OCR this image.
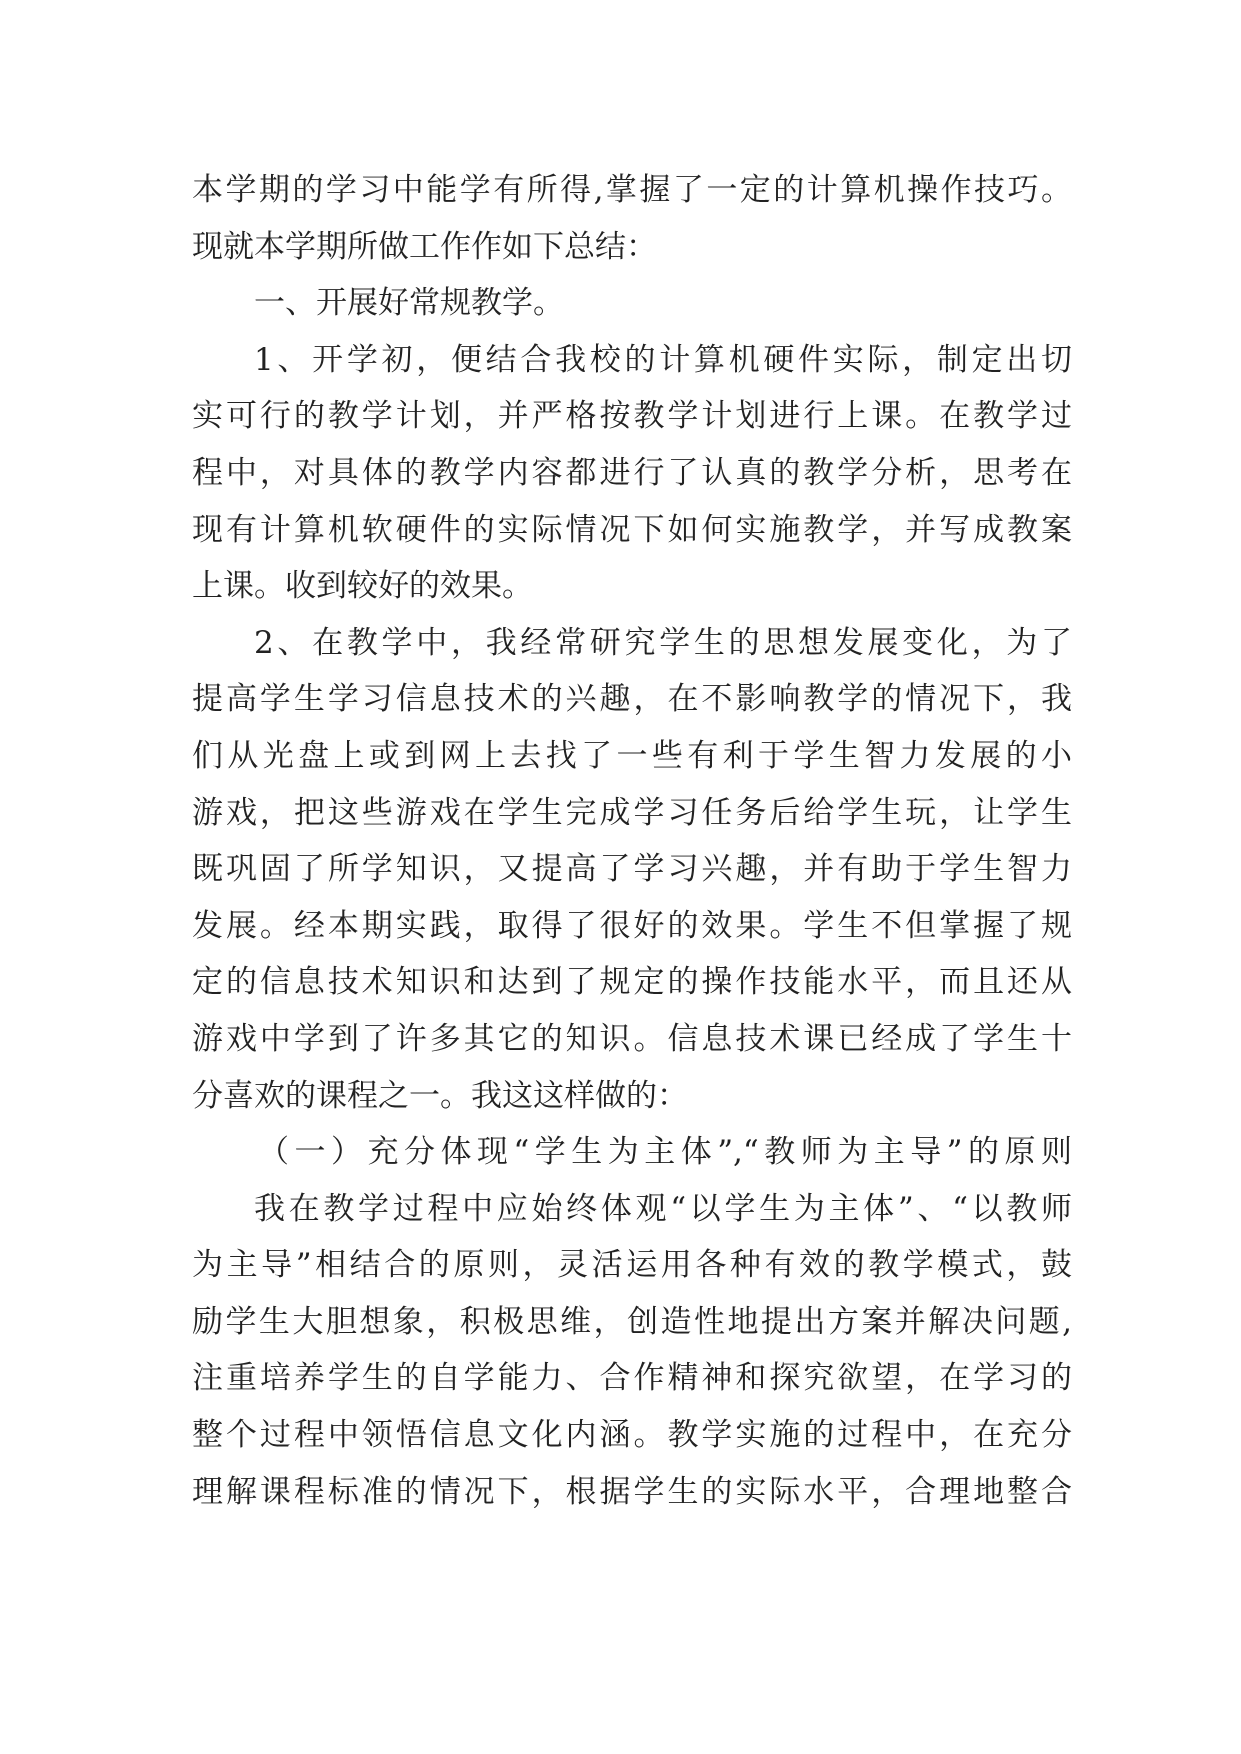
本学期的学习中能学有所得,掌握了一定的计算机操作技巧。
现就本学期所做工作作如下总结：
一、开展好常规教学。
1、开学初，便结合我校的计算机硬件实际，制定出切
实可行的教学计划，并严格按教学计划进行上课。在教学过
程中，对具体的教学内容都进行了认真的教学分析，思考在
现有计算机软硬件的实际情况下如何实施教学，并写成教案
上课。收到较好的效果。
2、在教学中，我经常研究学生的思想发展变化，为了
提高学生学习信息技术的兴趣，在不影响教学的情况下，我
们从光盘上或到网上去找了一些有利于学生智力发展的小
游戏，把这些游戏在学生完成学习任务后给学生玩，让学生
既巩固了所学知识，又提高了学习兴趣，并有助于学生智力
发展。经本期实践，取得了很好的效果。学生不但掌握了规
定的信息技术知识和达到了规定的操作技能水平，而且还从
游戏中学到了许多其它的知识。信息技术课已经成了学生十
分喜欢的课程之一。我这这样做的：
（一）充分体现“学生为主体”,“教师为主导”的原则
我在教学过程中应始终体观“以学生为主体”、“以教师
为主导”相结合的原则，灵活运用各种有效的教学模式，鼓
励学生大胆想象，积极思维，创造性地提出方案并解决问题,
注重培养学生的自学能力、合作精神和探究欲望，在学习的
整个过程中领悟信息文化内涵。教学实施的过程中，在充分
理解课程标准的情况下，根据学生的实际水平，合理地整合
